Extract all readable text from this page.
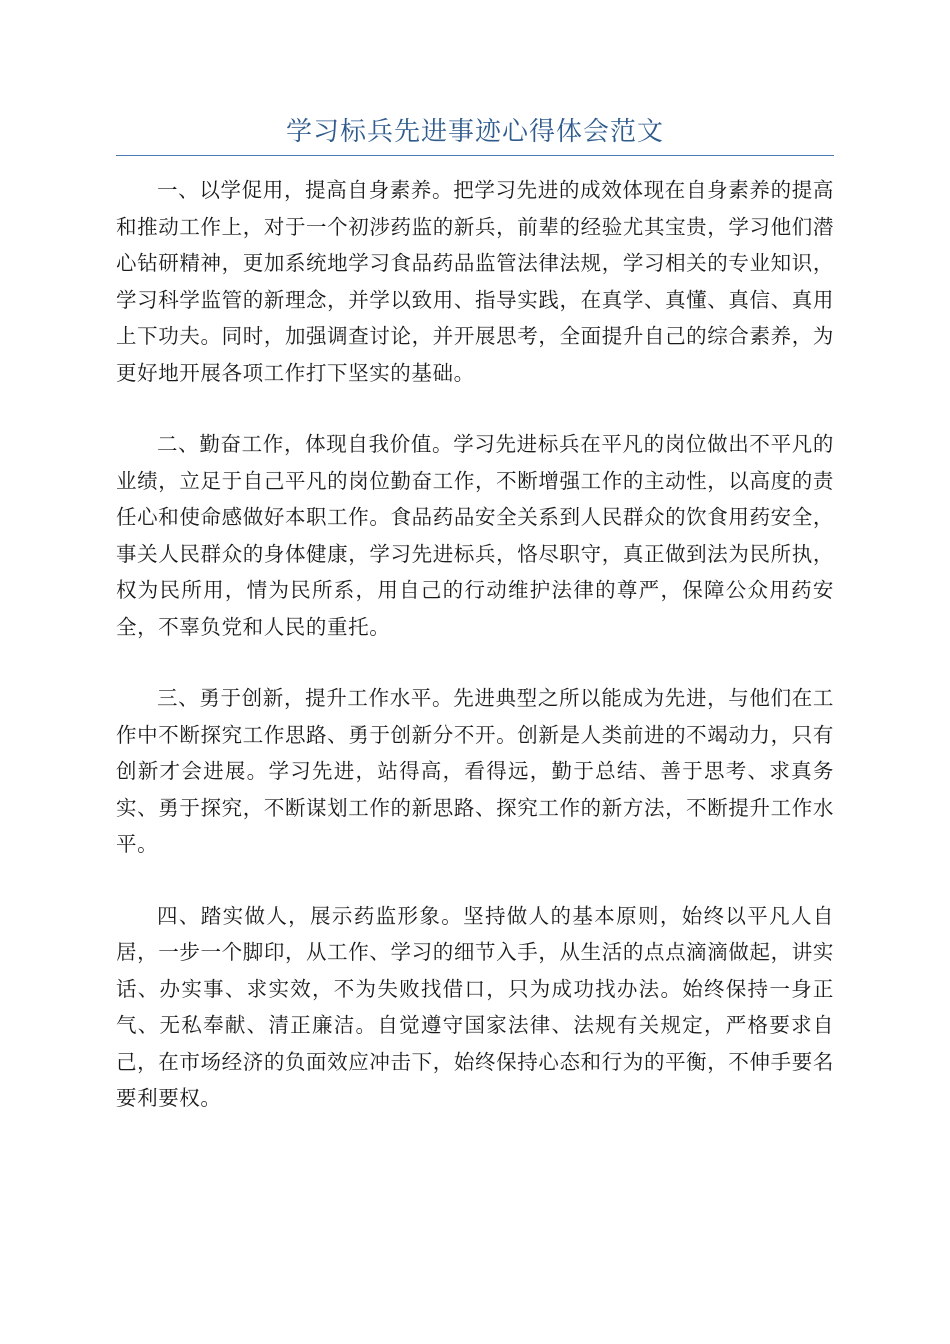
学习标兵先进事迹心得体会范文

一、以学促用，提高自身素养。把学习先进的成效体现在自身素养的提高和推动工作上，对于一个初涉药监的新兵，前辈的经验尤其宝贵，学习他们潜心钻研精神，更加系统地学习食品药品监管法律法规，学习相关的专业知识，学习科学监管的新理念，并学以致用、指导实践，在真学、真懂、真信、真用上下功夫。同时，加强调查讨论，并开展思考，全面提升自己的综合素养，为更好地开展各项工作打下坚实的基础。

二、勤奋工作，体现自我价值。学习先进标兵在平凡的岗位做出不平凡的业绩，立足于自己平凡的岗位勤奋工作，不断增强工作的主动性，以高度的责任心和使命感做好本职工作。食品药品安全关系到人民群众的饮食用药安全，事关人民群众的身体健康，学习先进标兵，恪尽职守，真正做到法为民所执，权为民所用，情为民所系，用自己的行动维护法律的尊严，保障公众用药安全，不辜负党和人民的重托。

三、勇于创新，提升工作水平。先进典型之所以能成为先进，与他们在工作中不断探究工作思路、勇于创新分不开。创新是人类前进的不竭动力，只有创新才会进展。学习先进，站得高，看得远，勤于总结、善于思考、求真务实、勇于探究，不断谋划工作的新思路、探究工作的新方法，不断提升工作水平。

四、踏实做人，展示药监形象。坚持做人的基本原则，始终以平凡人自居，一步一个脚印，从工作、学习的细节入手，从生活的点点滴滴做起，讲实话、办实事、求实效，不为失败找借口，只为成功找办法。始终保持一身正气、无私奉献、清正廉洁。自觉遵守国家法律、法规有关规定，严格要求自己，在市场经济的负面效应冲击下，始终保持心态和行为的平衡，不伸手要名要利要权。
